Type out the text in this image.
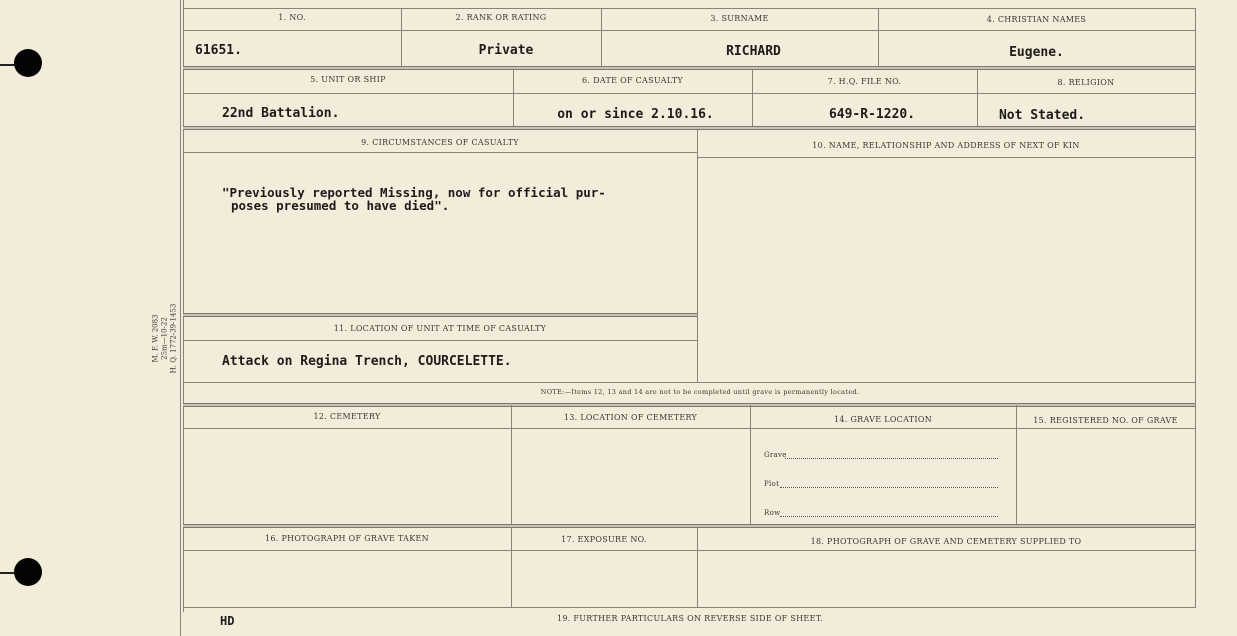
M. F. W. 2083 25m—10-22 H. Q. 1772-39-1453
1. NO.	2. RANK OR RATING	3. SURNAME	4. CHRISTIAN NAMES
61651.	Private	RICHARD	Eugene.
5. UNIT OR SHIP	6. DATE OF CASUALTY	7. H.Q. FILE NO.	8. RELIGION
22nd Battalion.	on or since 2.10.16.	649-R-1220.	Not Stated.
9. CIRCUMSTANCES OF CASUALTY	10. NAME, RELATIONSHIP AND ADDRESS OF NEXT OF KIN
"Previously reported Missing, now for official pur-
poses presumed to have died".
11. LOCATION OF UNIT AT TIME OF CASUALTY
Attack on Regina Trench, COURCELETTE.
NOTE:—Items 12, 13 and 14 are not to be completed until grave is permanently located.
12. CEMETERY	13. LOCATION OF CEMETERY	14. GRAVE LOCATION	15. REGISTERED NO. OF GRAVE
Grave
Plot
Row
16. PHOTOGRAPH OF GRAVE TAKEN	17. EXPOSURE NO.	18. PHOTOGRAPH OF GRAVE AND CEMETERY SUPPLIED TO
19. FURTHER PARTICULARS ON REVERSE SIDE OF SHEET.
HD
